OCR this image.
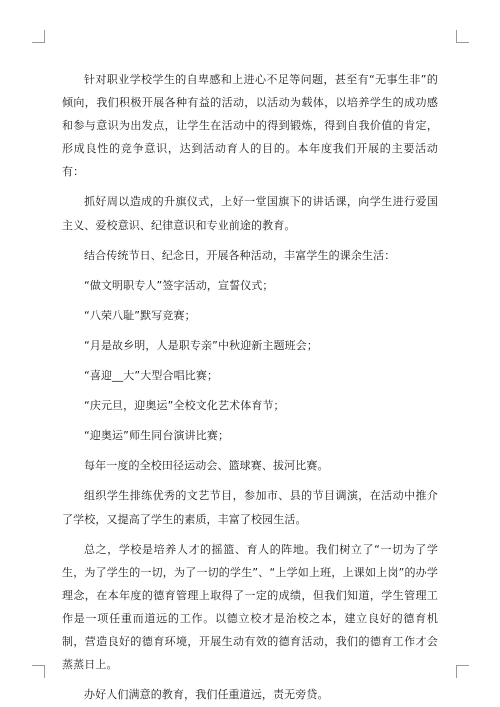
针对职业学校学生的自卑感和上进心不足等问题，甚至有“无事生非”的倾向，我们积极开展各种有益的活动，以活动为载体，以培养学生的成功感和参与意识为出发点，让学生在活动中的得到锻炼，得到自我价值的肯定，形成良性的竞争意识，达到活动育人的目的。本年度我们开展的主要活动有：

抓好周以造成的升旗仪式，上好一堂国旗下的讲话课，向学生进行爱国主义、爱校意识、纪律意识和专业前途的教育。

结合传统节日、纪念日，开展各种活动，丰富学生的课余生活：

“做文明职专人”签字活动，宣誓仪式；

“八荣八耻”默写竞赛；

“月是故乡明，人是职专亲”中秋迎新主题班会；

“喜迎__大”大型合唱比赛；

“庆元旦，迎奥运”全校文化艺术体育节；

“迎奥运”师生同台演讲比赛；

每年一度的全校田径运动会、篮球赛、拔河比赛。

组织学生排练优秀的文艺节目，参加市、县的节目调演，在活动中推介了学校，又提高了学生的素质，丰富了校园生活。

总之，学校是培养人才的摇篮、育人的阵地。我们树立了“一切为了学生，为了学生的一切，为了一切的学生”、“上学如上班，上课如上岗”的办学理念，在本年度的德育管理上取得了一定的成绩，但我们知道，学生管理工作是一项任重而道远的工作。以德立校才是治校之本，建立良好的德育机制，营造良好的德育环境，开展生动有效的德育活动，我们的德育工作才会蒸蒸日上。

办好人们满意的教育，我们任重道远，责无旁贷。
